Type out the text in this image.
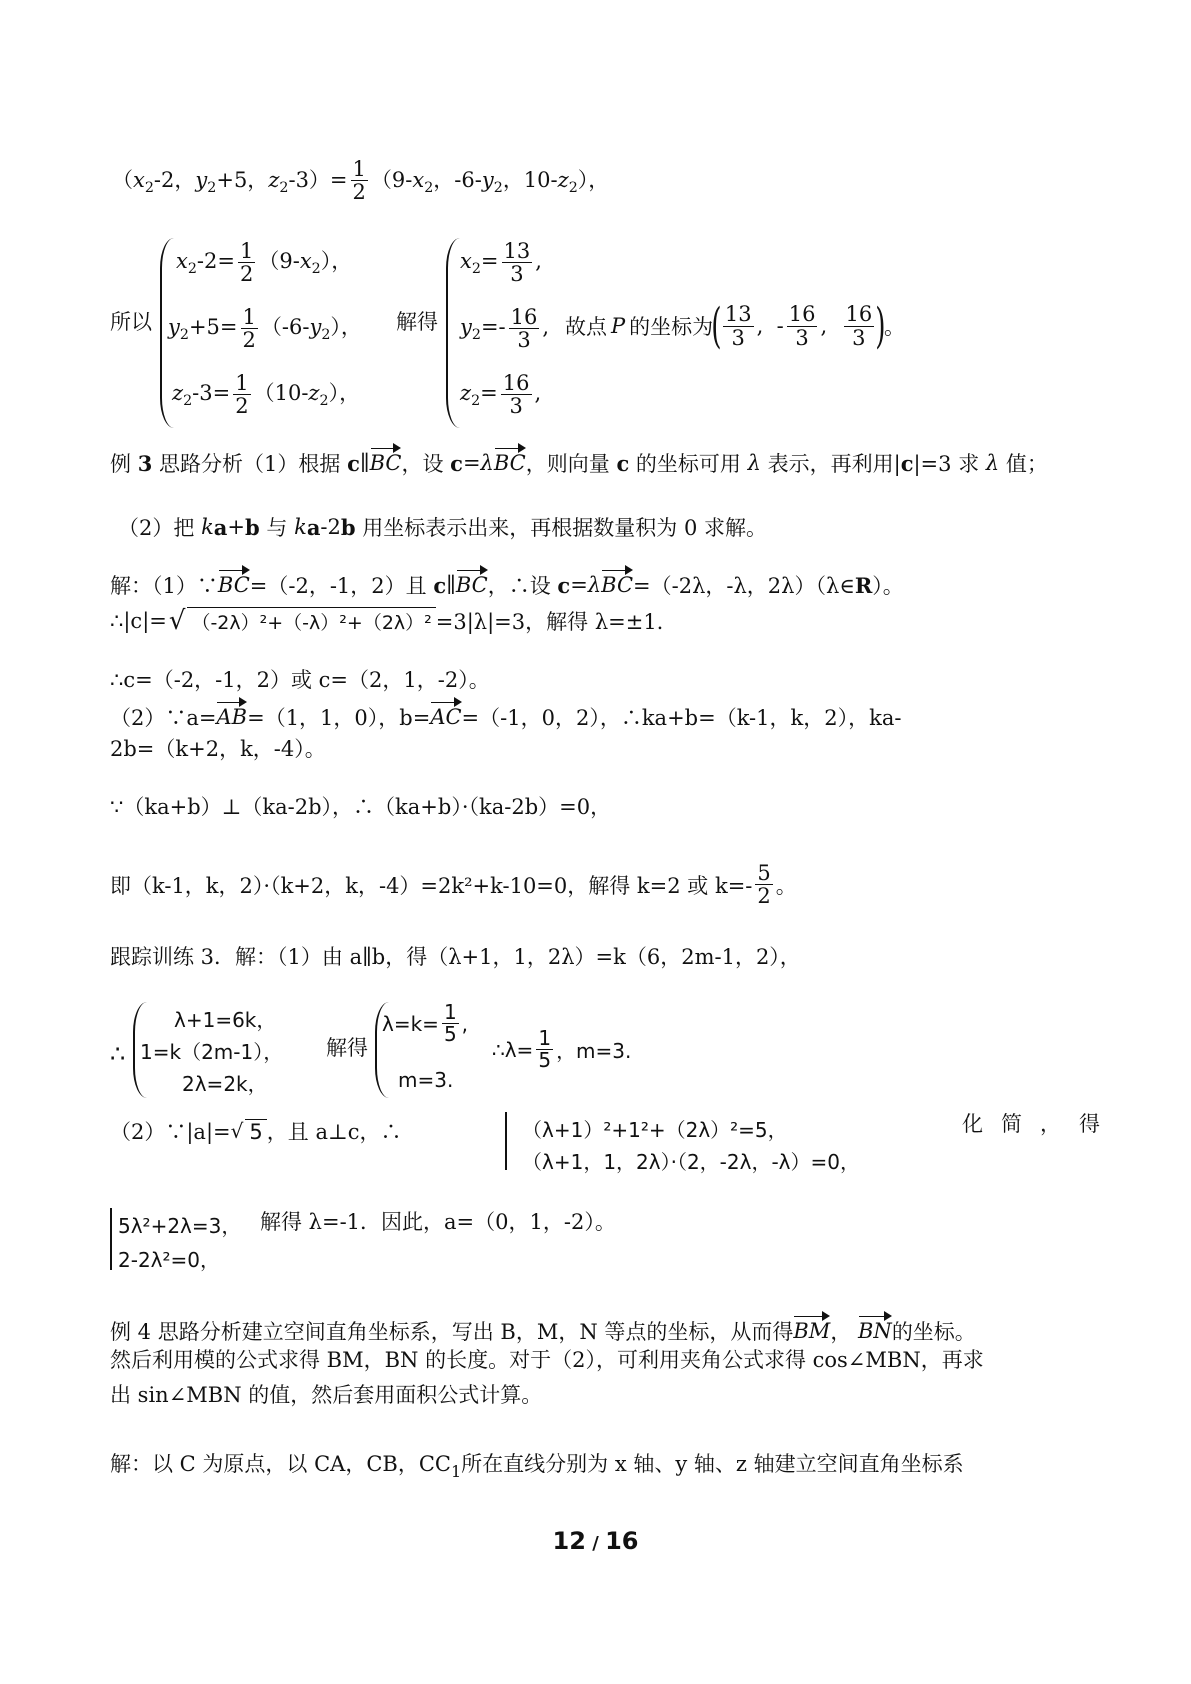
（$x_2-2$，$y_2+5$，$z_2-3)= \frac{1}{2} (9-x_2$，$-6-y_2$，$10-z_2$），
所以
$x_2-2= \frac{1}{2} (9-x_2)$，
$y_2+5= \frac{1}{2} (-6-y_2)$，
$z_2-3= \frac{1}{2} (10-z_2)$，
解得
$x_2= \frac{13}{3}$ ,
$y_2=- \frac{16}{3}$ ,
$z_2= \frac{16}{3}$ ,
故点 P 的坐标为
( $\frac{13}{3}$ ,  - $\frac{16}{3}$ , $\frac{16}{3}$ )
。
例
3
思路分析（1）根据
c ∥ BC ， 设
c = λ BC ， 则向量
c
的坐标可用
λ
表示，再利用| c |=3 求
λ
值；
（2）把
k a + b
与
k a -2 b
用坐标表示出来，再根据数量积为 0 求解。
解：（1）∵ BC =（-2，-1，2）且
c ∥ BC ，∴设
c = λ BC =（-2λ，-λ，2λ）（λ∈ R ）。
∴|c|= √ （-2λ）²+（-λ）²+（2λ）² =3|λ|=3，解得 λ=±1.
∴c=（-2，-1，2）或 c=（2，1，-2）。
（2）∵a= AB =（1，1，0），b= AC =（-1，0，2），∴ka+b=（k-1，k，2），ka-
2b=（k+2，k，-4）。
∵（ka+b）⊥（ka-2b），∴（ka+b）·（ka-2b）=0，
即（k-1，k，2）·（k+2，k，-4）=2k²+k-10=0，解得 k=2 或 $k=- \frac{5}{2}$ 。
跟踪训练 3．解：（1）由 a∥b，得（λ+1，1，2λ）=k（6，2m-1，2），
∴
λ+1=6k，
1=k（2m-1），
2λ=2k，
解得
$\lambda=k= \frac{1}{5}$ ,
m=3.
∴λ= $\frac{1}{5}$ ，m=3.
（2）∵|a|= √ 5 ，且 a⊥c，∴	（λ+1）²+1²+（2λ）²=5，
（λ+1，1，2λ）·（2，-2λ，-λ）=0，
化简，得
5λ²+2λ=3，
2-2λ²=0，
解得 λ=-1．因此，a=（0，1，-2）。
例 4 思路分析建立空间直角坐标系，写出 B，M，N 等点的坐标，从而得 BM ， BN 的坐标。
然后利用模的公式求得 BM，BN 的长度。对于（2），可利用夹角公式求得 cos∠MBN，再求
出 sin∠MBN 的值，然后套用面积公式计算。
解：以 C 为原点，以 CA，CB，$CC_1$ 所在直线分别为 x 轴、y 轴、z 轴建立空间直角坐标系
12 / 16
